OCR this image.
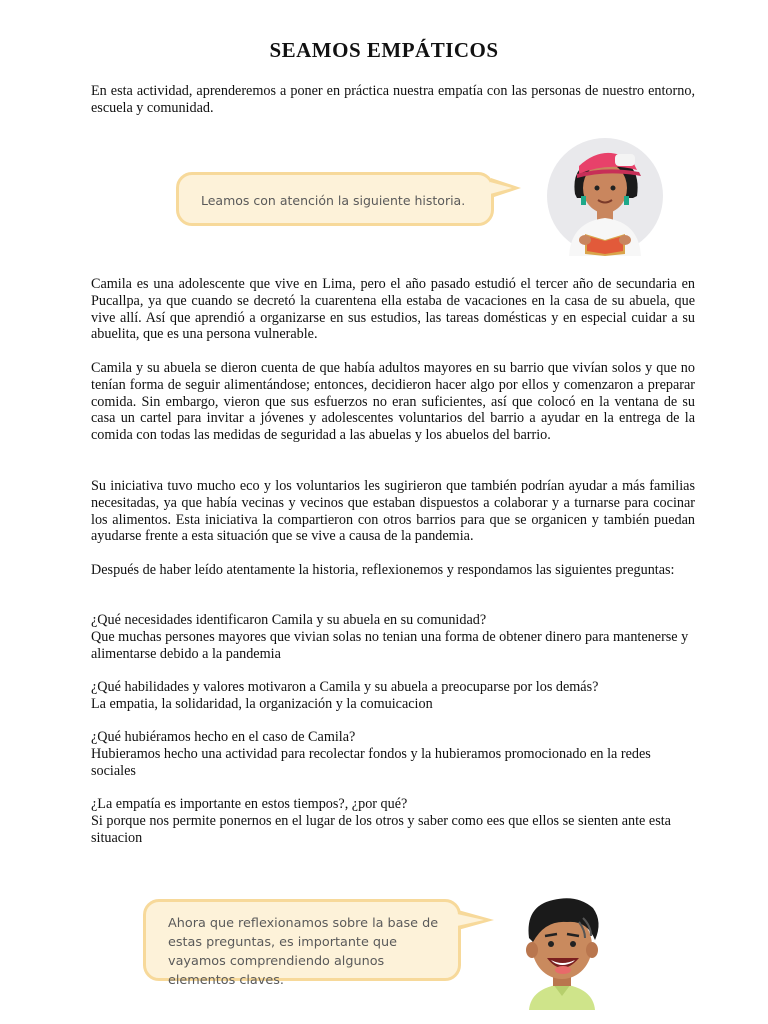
SEAMOS EMPÁTICOS

En esta actividad, aprenderemos a poner en práctica nuestra empatía con las personas de nuestro entorno, escuela y comunidad.

Leamos con atención la siguiente historia.

Camila es una adolescente que vive en Lima, pero el año pasado estudió el tercer año de secundaria en Pucallpa, ya que cuando se decretó la cuarentena ella estaba de vacaciones en la casa de su abuela, que vive allí. Así que aprendió a organizarse en sus estudios, las tareas domésticas y en especial cuidar a su abuelita, que es una persona vulnerable.

Camila y su abuela se dieron cuenta de que había adultos mayores en su barrio que vivían solos y que no tenían forma de seguir alimentándose; entonces, decidieron hacer algo por ellos y comenzaron a preparar comida. Sin embargo, vieron que sus esfuerzos no eran suficientes, así que colocó en la ventana de su casa un cartel para invitar a jóvenes y adolescentes voluntarios del barrio a ayudar en la entrega de la comida con todas las medidas de seguridad a las abuelas y los abuelos del barrio.

Su iniciativa tuvo mucho eco y los voluntarios les sugirieron que también podrían ayudar a más familias necesitadas, ya que había vecinas y vecinos que estaban dispuestos a colaborar y a turnarse para cocinar los alimentos. Esta iniciativa la compartieron con otros barrios para que se organicen y también puedan ayudarse frente a esta situación que se vive a causa de la pandemia.

Después de haber leído atentamente la historia, reflexionemos y respondamos las siguientes preguntas:

¿Qué necesidades identificaron Camila y su abuela en su comunidad?
Que muchas persones mayores que vivian solas no tenian una forma de obtener dinero para mantenerse y alimentarse debido a la pandemia

¿Qué habilidades y valores motivaron a Camila y su abuela a preocuparse por los demás?
La empatia, la solidaridad, la organización y la comuicacion

¿Qué hubiéramos hecho en el caso de Camila?
Hubieramos hecho una actividad para recolectar fondos y la hubieramos promocionado en la redes sociales

¿La empatía es importante en estos tiempos?, ¿por qué?
Si porque nos permite ponernos en el lugar de los otros y saber como ees que ellos se sienten ante esta situacion

Ahora que reflexionamos sobre la base de estas preguntas, es importante que vayamos comprendiendo algunos elementos claves.
